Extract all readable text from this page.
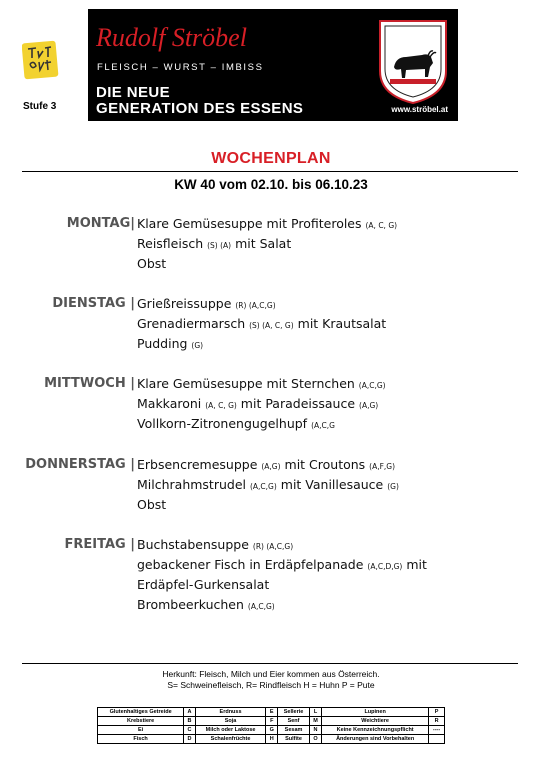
Stufe 3
Rudolf Ströbel
FLEISCH – WURST – IMBISS
DIE NEUE
GENERATION DES ESSENS	www.ströbel.at
WOCHENPLAN
KW 40 vom 02.10. bis 06.10.23
MONTAG| Klare Gemüsesuppe mit Profiteroles (A, C, G)
Reisfleisch (S) (A) mit Salat
Obst
DIENSTAG | Grießreissuppe (R) (A,C,G)
Grenadiermarsch (S) (A, C, G) mit Krautsalat
Pudding (G)
MITTWOCH | Klare Gemüsesuppe mit Sternchen (A,C,G)
Makkaroni (A, C, G) mit Paradeissauce (A,G)
Vollkorn-Zitronengugelhupf (A,C,G
DONNERSTAG | Erbsencremesuppe (A,G) mit Croutons (A,F,G)
Milchrahmstrudel (A,C,G) mit Vanillesauce (G)
Obst
FREITAG | Buchstabensuppe (R) (A,C,G)
gebackener Fisch in Erdäpfelpanade (A,C,D,G) mit
Erdäpfel-Gurkensalat
Brombeerkuchen (A,C,G)
Herkunft: Fleisch, Milch und Eier kommen aus Österreich.
S= Schweinefleisch, R= Rindfleisch H = Huhn P = Pute
Glutenhaltiges Getreide	A	Erdnuss	E	Sellerie	L	Lupinen	P
Krebstiere	B	Soja	F	Senf	M	Weichtiere	R
Ei	C	Milch oder Laktose	G	Sesam	N	Keine Kennzeichnungspflicht	----
Fisch	D	Schalenfrüchte	H	Sulfite	O	Änderungen sind Vorbehalten	
